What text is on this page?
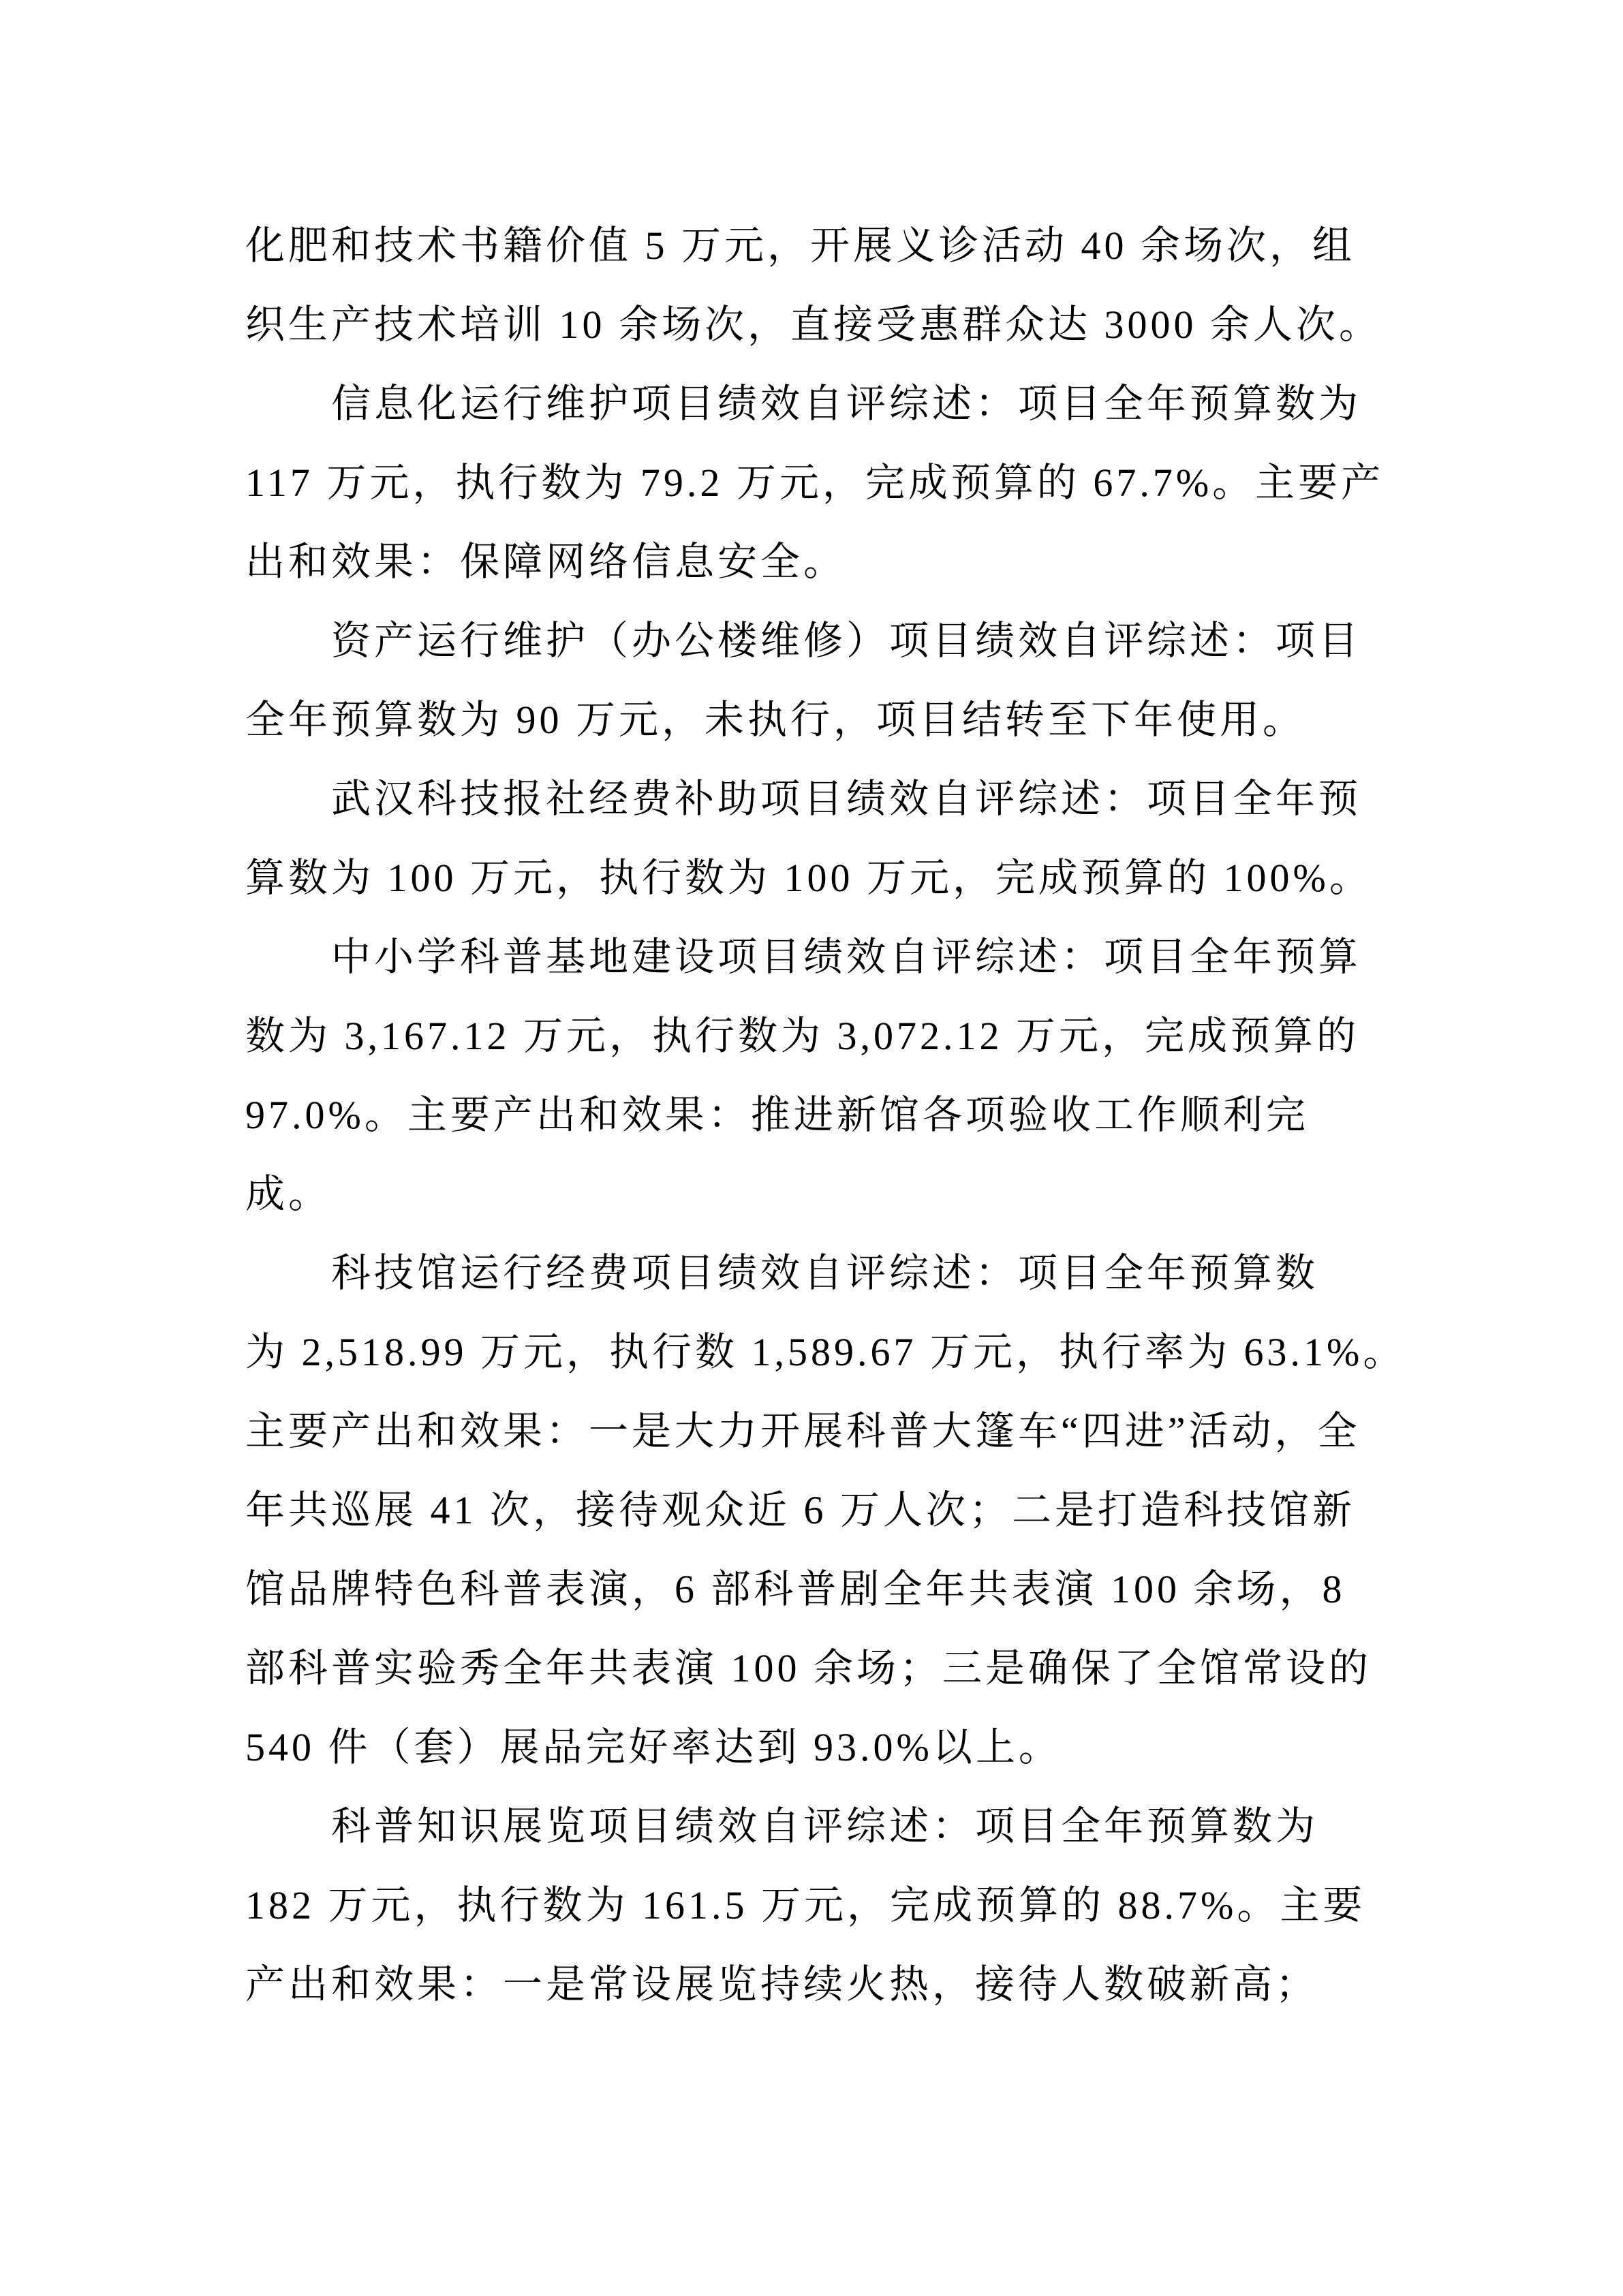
化肥和技术书籍价值 5 万元，开展义诊活动 40 余场次，组
织生产技术培训 10 余场次，直接受惠群众达 3000 余人次。
信息化运行维护项目绩效自评综述：项目全年预算数为
117 万元，执行数为 79.2 万元，完成预算的 67.7%。主要产
出和效果：保障网络信息安全。
资产运行维护（办公楼维修）项目绩效自评综述：项目
全年预算数为 90 万元，未执行，项目结转至下年使用。
武汉科技报社经费补助项目绩效自评综述：项目全年预
算数为 100 万元，执行数为 100 万元，完成预算的 100%。
中小学科普基地建设项目绩效自评综述：项目全年预算
数为 3,167.12 万元，执行数为 3,072.12 万元，完成预算的
97.0%。主要产出和效果：推进新馆各项验收工作顺利完
成。
科技馆运行经费项目绩效自评综述：项目全年预算数
为 2,518.99 万元，执行数 1,589.67 万元，执行率为 63.1%。
主要产出和效果：一是大力开展科普大篷车“四进”活动，全
年共巡展 41 次，接待观众近 6 万人次；二是打造科技馆新
馆品牌特色科普表演，6 部科普剧全年共表演 100 余场，8
部科普实验秀全年共表演 100 余场；三是确保了全馆常设的
540 件（套）展品完好率达到 93.0%以上。
科普知识展览项目绩效自评综述：项目全年预算数为
182 万元，执行数为 161.5 万元，完成预算的 88.7%。主要
产出和效果：一是常设展览持续火热，接待人数破新高；
